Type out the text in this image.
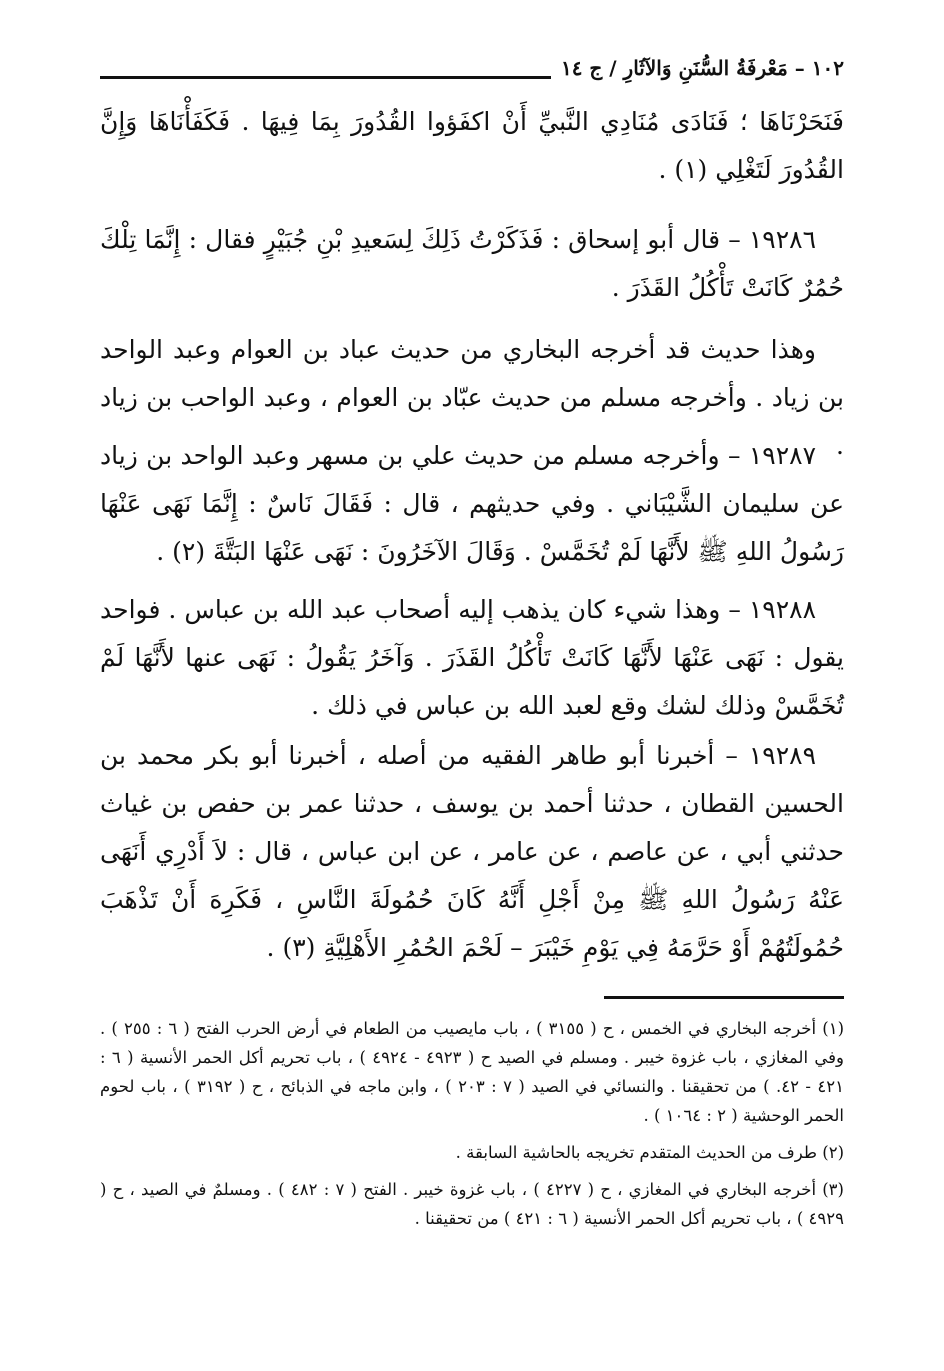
١٠٢ – مَعْرفَةُ السُّنَنِ وَالآثَارِ / ج ١٤

فَنَحَرْنَاهَا ؛ فَنَادَى مُنَادِي النَّبيِّ أَنْ اكفَؤوا القُدُورَ بِمَا فِيهَا . فَكَفَأْنَاهَا وَإِنَّ القُدُورَ لَتَغْلِي (١) .

١٩٢٨٦ – قال أبو إسحاق : فَذَكَرْتُ ذَلِكَ لِسَعيدِ بْنِ جُبَيْرٍ فقال : إِنَّمَا تِلْكَ حُمُرٌ كَانَتْ تَأْكُلُ القَذَرَ .

وهذا حديث قد أخرجه البخاري من حديث عباد بن العوام وعبد الواحد بن زياد . وأخرجه مسلم من حديث عبّاد بن العوام ، وعبد الواحب بن زياد .

١٩٢٨٧ – وأخرجه مسلم من حديث علي بن مسهر وعبد الواحد بن زياد عن سليمان الشَّيْبَاني . وفي حديثهم ، قال : فَقَالَ نَاسٌ : إِنَّمَا نَهَى عَنْهَا رَسُولُ اللهِ ﷺ لأَنَّهَا لَمْ تُخَمَّسْ . وَقَالَ الآخَرُونَ : نَهَى عَنْهَا البَتَّةَ (٢) .

١٩٢٨٨ – وهذا شيء كان يذهب إليه أصحاب عبد الله بن عباس . فواحد يقول : نَهَى عَنْهَا لأَنَّهَا كَانَتْ تَأْكُلُ القَذَرَ . وَآخَرُ يَقُولُ : نَهَى عنها لأَنَّهَا لَمْ تُخَمَّسْ وذلك لشك وقع لعبد الله بن عباس في ذلك .

١٩٢٨٩ – أخبرنا أبو طاهر الفقيه من أصله ، أخبرنا أبو بكر محمد بن الحسين القطان ، حدثنا أحمد بن يوسف ، حدثنا عمر بن حفص بن غياث حدثني أبي ، عن عاصم ، عن عامر ، عن ابن عباس ، قال : لاَ أَدْرِي أَنَهَى عَنْهُ رَسُولُ اللهِ ﷺ مِنْ أَجْلِ أَنَّهُ كَانَ حُمُولَةَ النَّاسِ ، فَكَرِهَ أَنْ تَذْهَبَ حُمُولَتُهُمْ أَوْ حَرَّمَهُ فِي يَوْمِ خَيْبَرَ – لَحْمَ الحُمُرِ الأَهْلِيَّةِ (٣) .

(١) أخرجه البخاري في الخمس ، ح ( ٣١٥٥ ) ، باب مايصيب من الطعام في أرض الحرب الفتح ( ٦ : ٢٥٥ ) . وفي المغازي ، باب غزوة خيبر . ومسلم في الصيد ح ( ٤٩٢٣ - ٤٩٢٤ ) ، باب تحريم أكل الحمر الأنسية ( ٦ : ٤٢١ - ٤٢. ) من تحقيقنا . والنسائي في الصيد ( ٧ : ٢٠٣ ) ، وابن ماجه في الذبائح ، ح ( ٣١٩٢ ) ، باب لحوم الحمر الوحشية ( ٢ : ١٠٦٤ ) .

(٢) طرف من الحديث المتقدم تخريجه بالحاشية السابقة .

(٣) أخرجه البخاري في المغازي ، ح ( ٤٢٢٧ ) ، باب غزوة خيبر . الفتح ( ٧ : ٤٨٢ ) . ومسلمٌ في الصيد ، ح ( ٤٩٢٩ ) ، باب تحريم أكل الحمر الأنسية ( ٦ : ٤٢١ ) من تحقيقنا .
